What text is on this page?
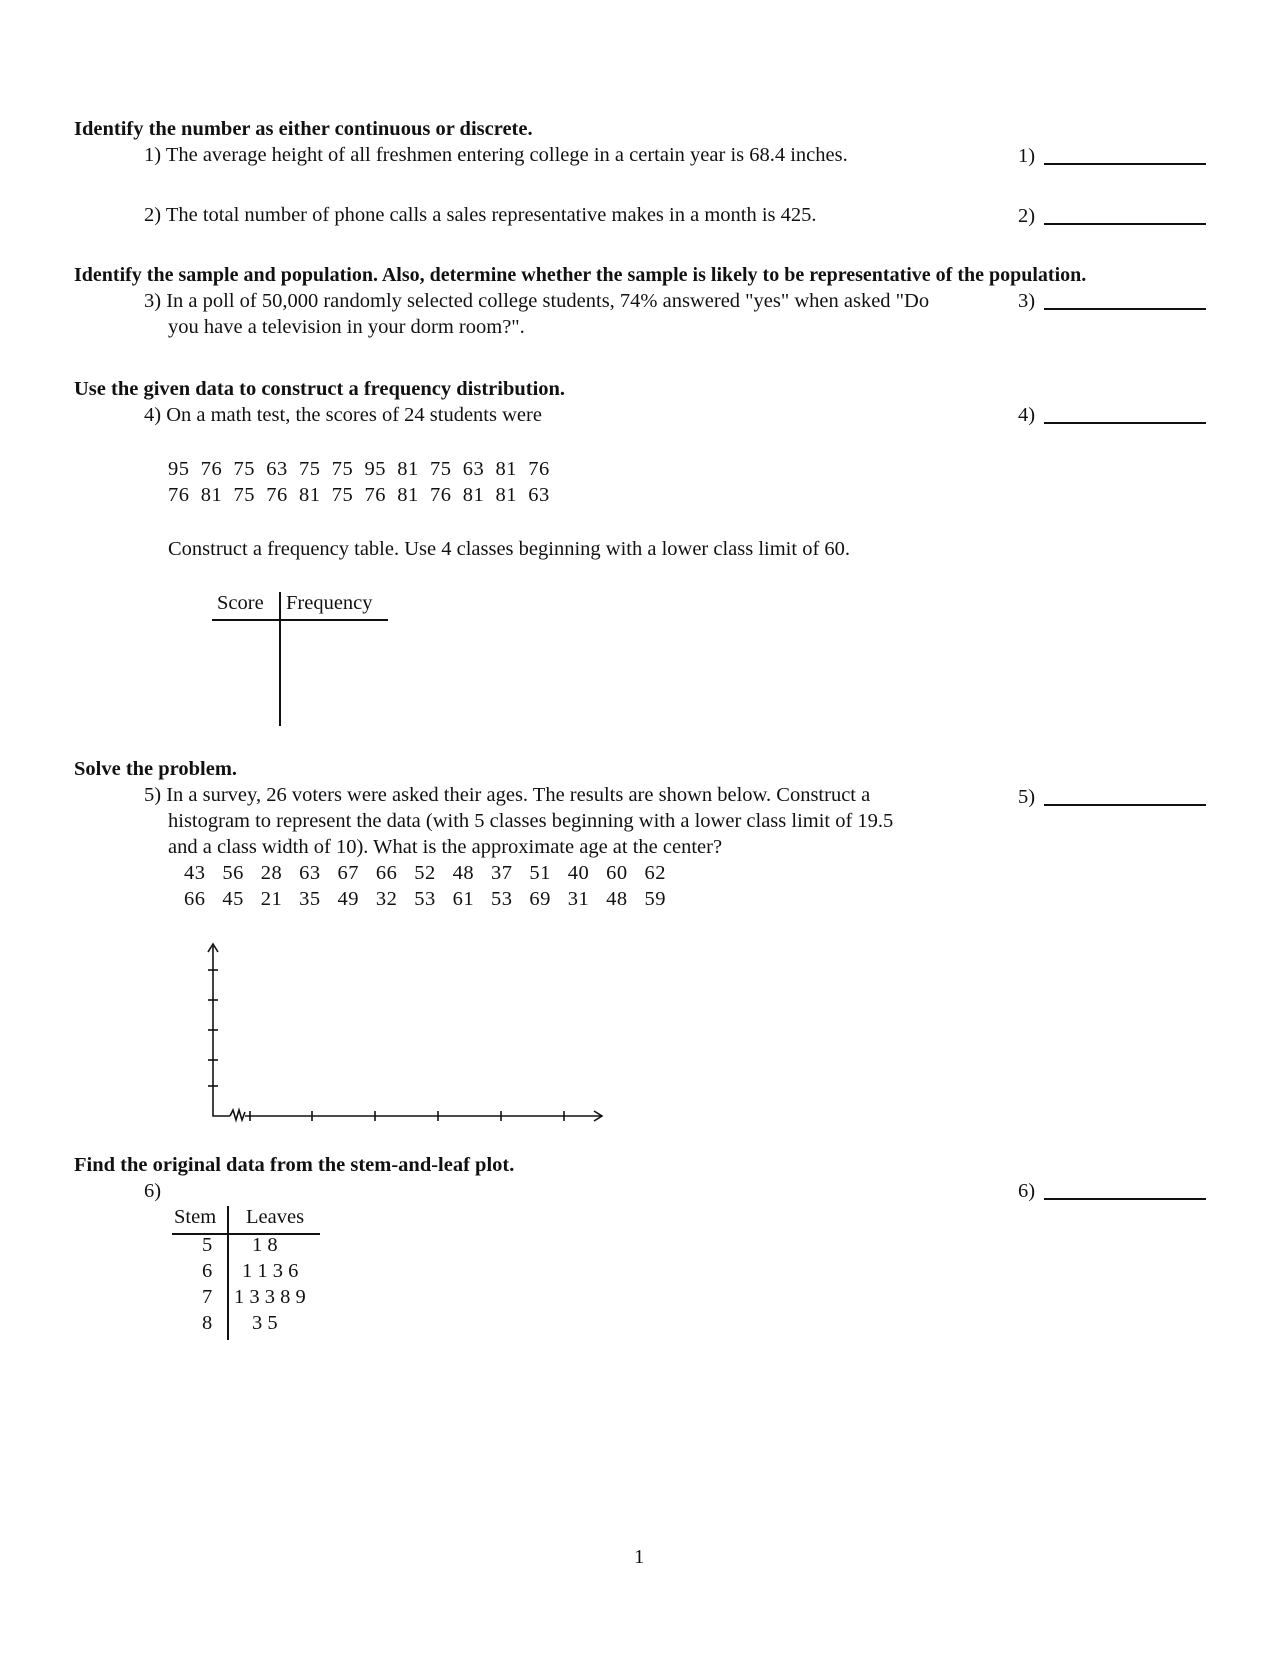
Identify the number as either continuous or discrete.
1) The average height of all freshmen entering college in a certain year is 68.4 inches.	1)
2) The total number of phone calls a sales representative makes in a month is 425.	2)
Identify the sample and population. Also, determine whether the sample is likely to be representative of the population.
3) In a poll of 50,000 randomly selected college students, 74% answered "yes" when asked "Do
you have a television in your dorm room?".
3)
Use the given data to construct a frequency distribution.
4) On a math test, the scores of 24 students were	4)
95  76  75  63  75  75  95  81  75  63  81  76
76  81  75  76  81  75  76  81  76  81  81  63
Construct a frequency table. Use 4 classes beginning with a lower class limit of 60.
Score Frequency
Solve the problem.
5) In a survey, 26 voters were asked their ages. The results are shown below. Construct a
histogram to represent the data (with 5 classes beginning with a lower class limit of 19.5
and a class width of 10). What is the approximate age at the center?
5)
43   56   28   63   67   66   52   48   37   51   40   60   62
66   45   21   35   49   32   53   61   53   69   31   48   59
Find the original data from the stem-and-leaf plot.
6)	6)
Stem Leaves
5 1 8
6 1 1 3 6
7 1 3 3 8 9
8 3 5
1
